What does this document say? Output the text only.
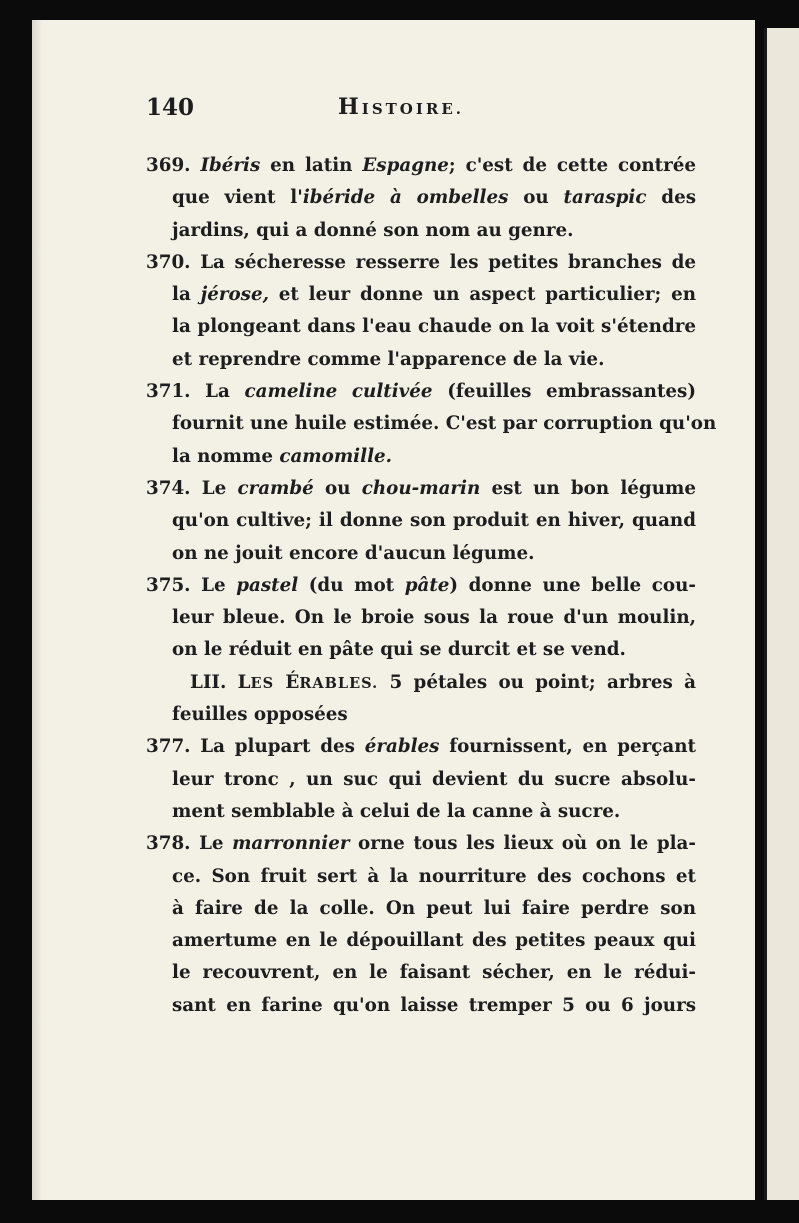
140	HISTOIRE.
369. Ibéris en latin Espagne; c'est de cette contrée
que vient l'ibéride à ombelles ou taraspic des
jardins, qui a donné son nom au genre.
370. La sécheresse resserre les petites branches de
la jérose, et leur donne un aspect particulier; en
la plongeant dans l'eau chaude on la voit s'étendre
et reprendre comme l'apparence de la vie.
371. La cameline cultivée (feuilles embrassantes)
fournit une huile estimée. C'est par corruption qu'on
la nomme camomille.
374. Le crambé ou chou-marin est un bon légume
qu'on cultive; il donne son produit en hiver, quand
on ne jouit encore d'aucun légume.
375. Le pastel (du mot pâte) donne une belle cou-
leur bleue. On le broie sous la roue d'un moulin,
on le réduit en pâte qui se durcit et se vend.
LII. LES ÉRABLES. 5 pétales ou point; arbres à
feuilles opposées
377. La plupart des érables fournissent, en perçant
leur tronc , un suc qui devient du sucre absolu-
ment semblable à celui de la canne à sucre.
378. Le marronnier orne tous les lieux où on le pla-
ce. Son fruit sert à la nourriture des cochons et
à faire de la colle. On peut lui faire perdre son
amertume en le dépouillant des petites peaux qui
le recouvrent, en le faisant sécher, en le rédui-
sant en farine qu'on laisse tremper 5 ou 6 jours
